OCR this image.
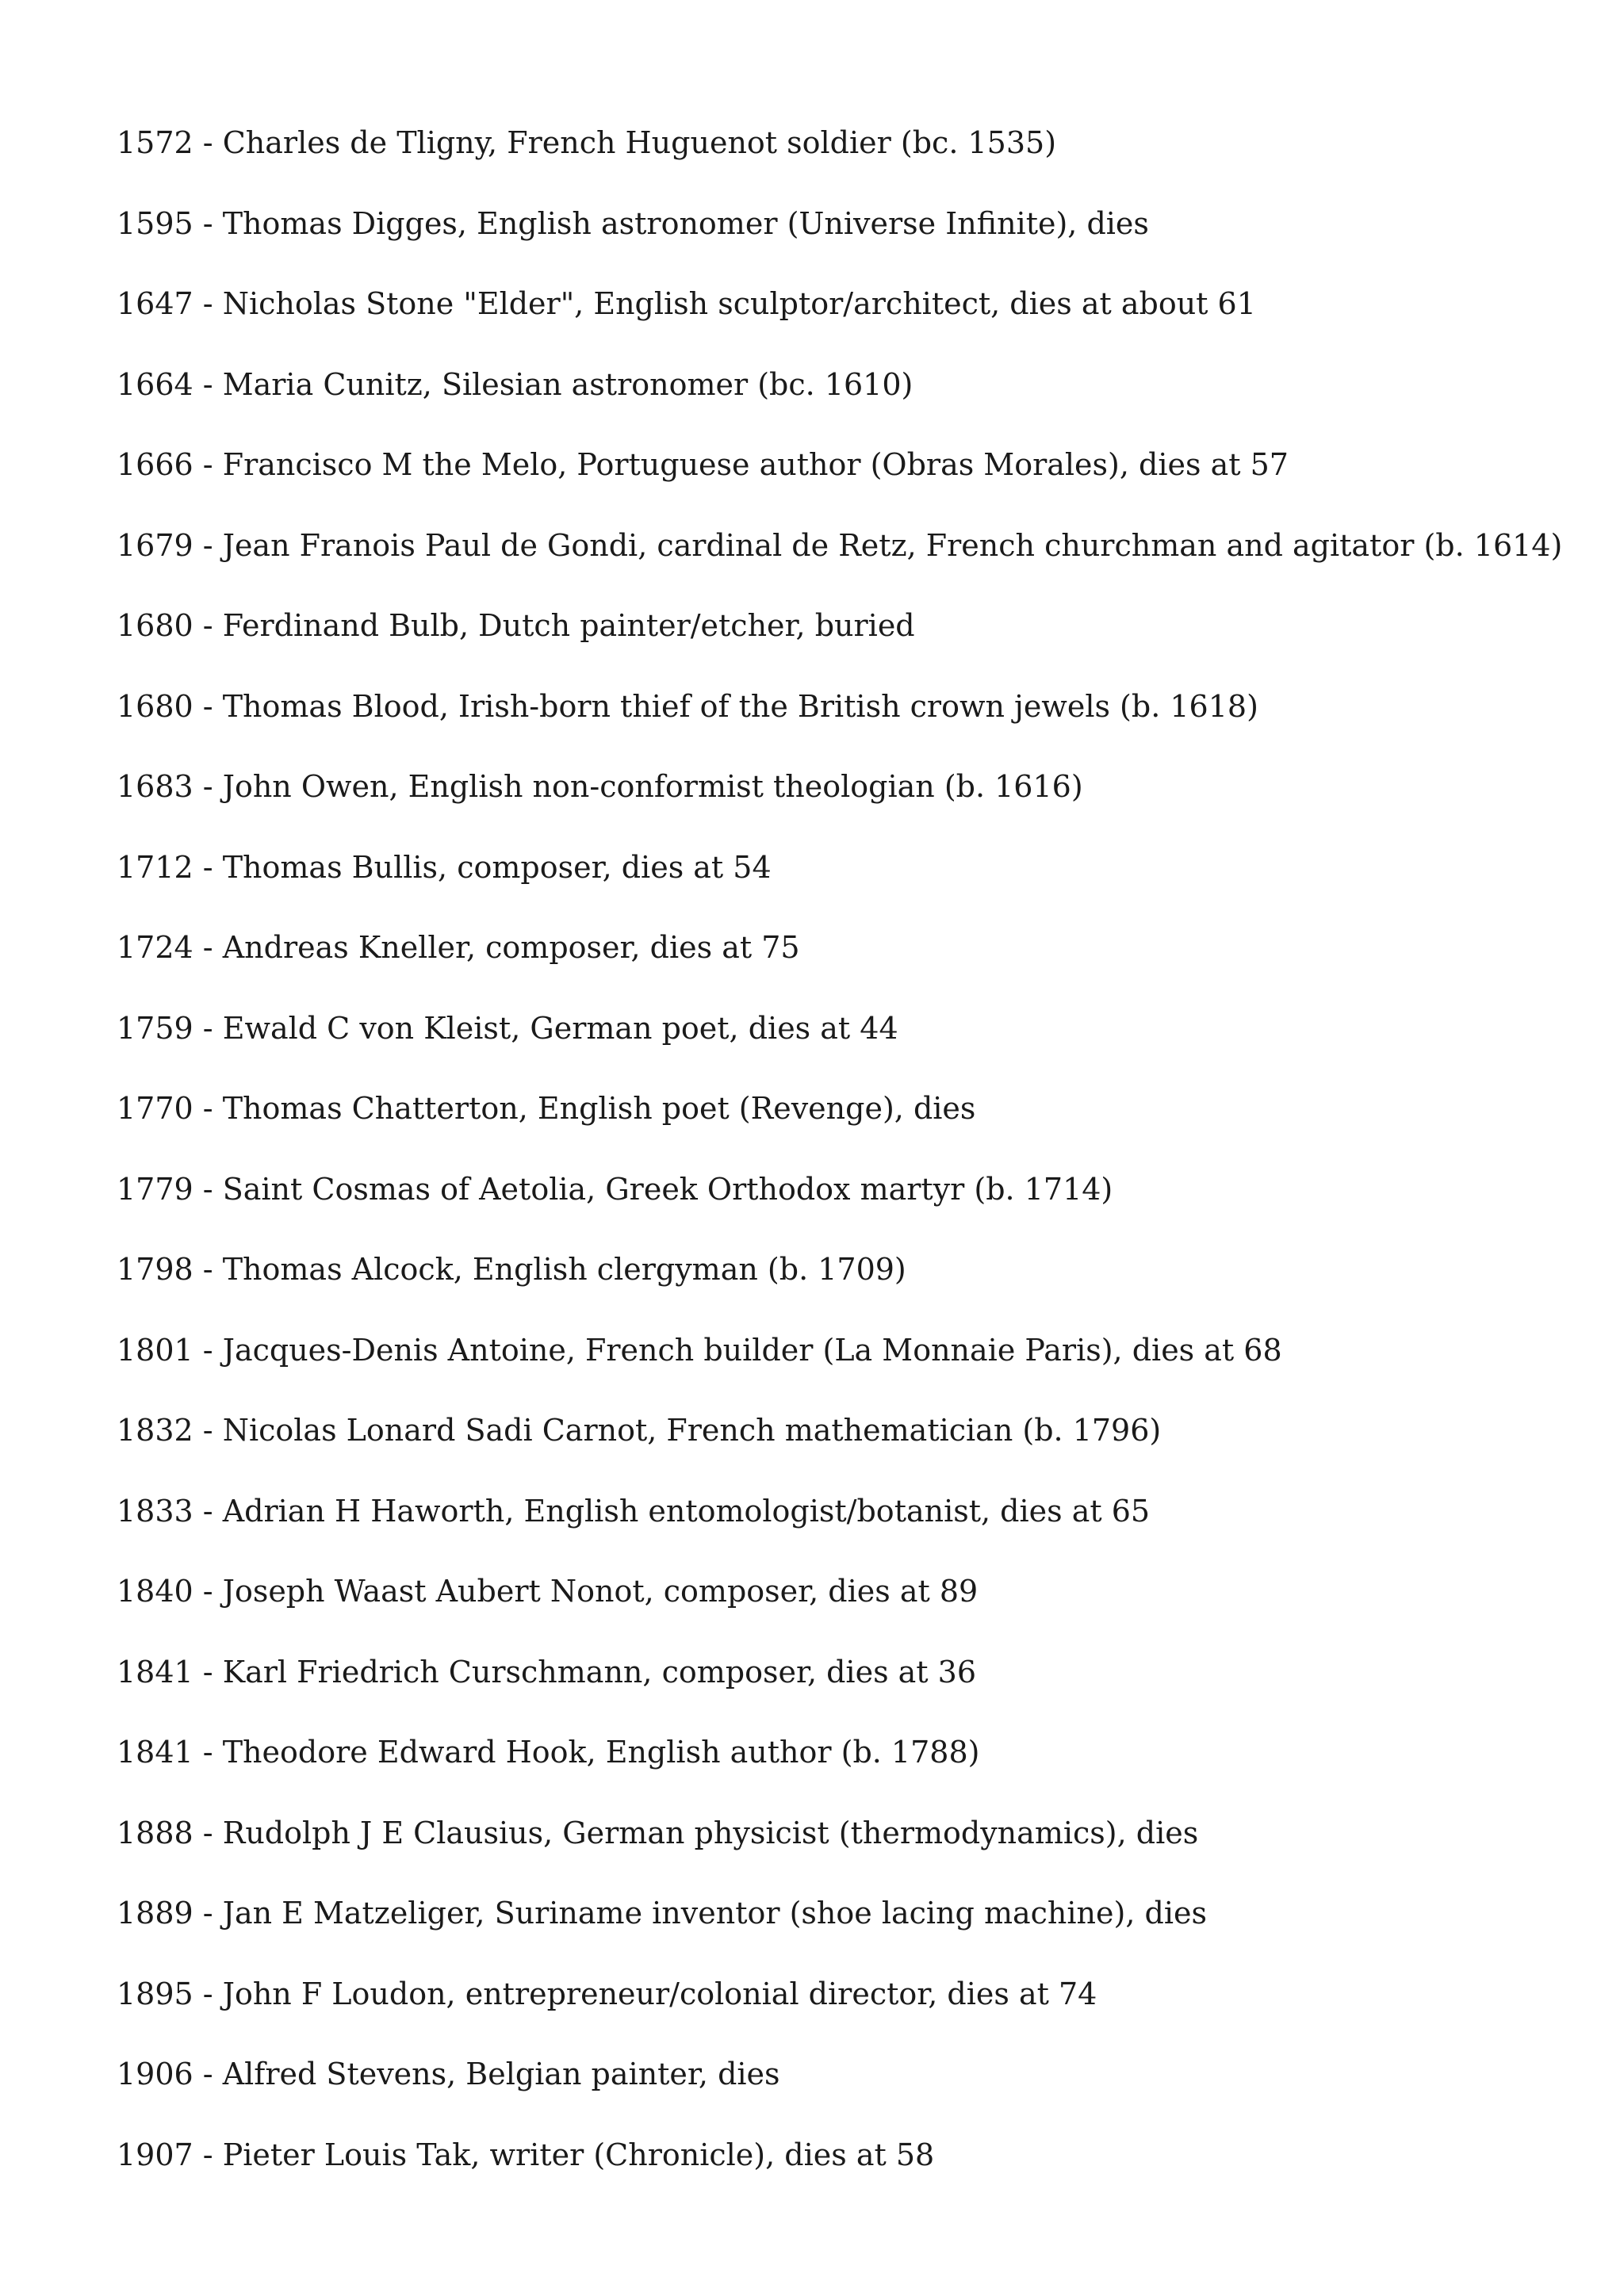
1572 - Charles de Tligny, French Huguenot soldier (bc. 1535)
1595 - Thomas Digges, English astronomer (Universe Infinite), dies
1647 - Nicholas Stone "Elder", English sculptor/architect, dies at about 61
1664 - Maria Cunitz, Silesian astronomer (bc. 1610)
1666 - Francisco M the Melo, Portuguese author (Obras Morales), dies at 57
1679 - Jean Franois Paul de Gondi, cardinal de Retz, French churchman and agitator (b. 1614)
1680 - Ferdinand Bulb, Dutch painter/etcher, buried
1680 - Thomas Blood, Irish-born thief of the British crown jewels (b. 1618)
1683 - John Owen, English non-conformist theologian (b. 1616)
1712 - Thomas Bullis, composer, dies at 54
1724 - Andreas Kneller, composer, dies at 75
1759 - Ewald C von Kleist, German poet, dies at 44
1770 - Thomas Chatterton, English poet (Revenge), dies
1779 - Saint Cosmas of Aetolia, Greek Orthodox martyr (b. 1714)
1798 - Thomas Alcock, English clergyman (b. 1709)
1801 - Jacques-Denis Antoine, French builder (La Monnaie Paris), dies at 68
1832 - Nicolas Lonard Sadi Carnot, French mathematician (b. 1796)
1833 - Adrian H Haworth, English entomologist/botanist, dies at 65
1840 - Joseph Waast Aubert Nonot, composer, dies at 89
1841 - Karl Friedrich Curschmann, composer, dies at 36
1841 - Theodore Edward Hook, English author (b. 1788)
1888 - Rudolph J E Clausius, German physicist (thermodynamics), dies
1889 - Jan E Matzeliger, Suriname inventor (shoe lacing machine), dies
1895 - John F Loudon, entrepreneur/colonial director, dies at 74
1906 - Alfred Stevens, Belgian painter, dies
1907 - Pieter Louis Tak, writer (Chronicle), dies at 58
